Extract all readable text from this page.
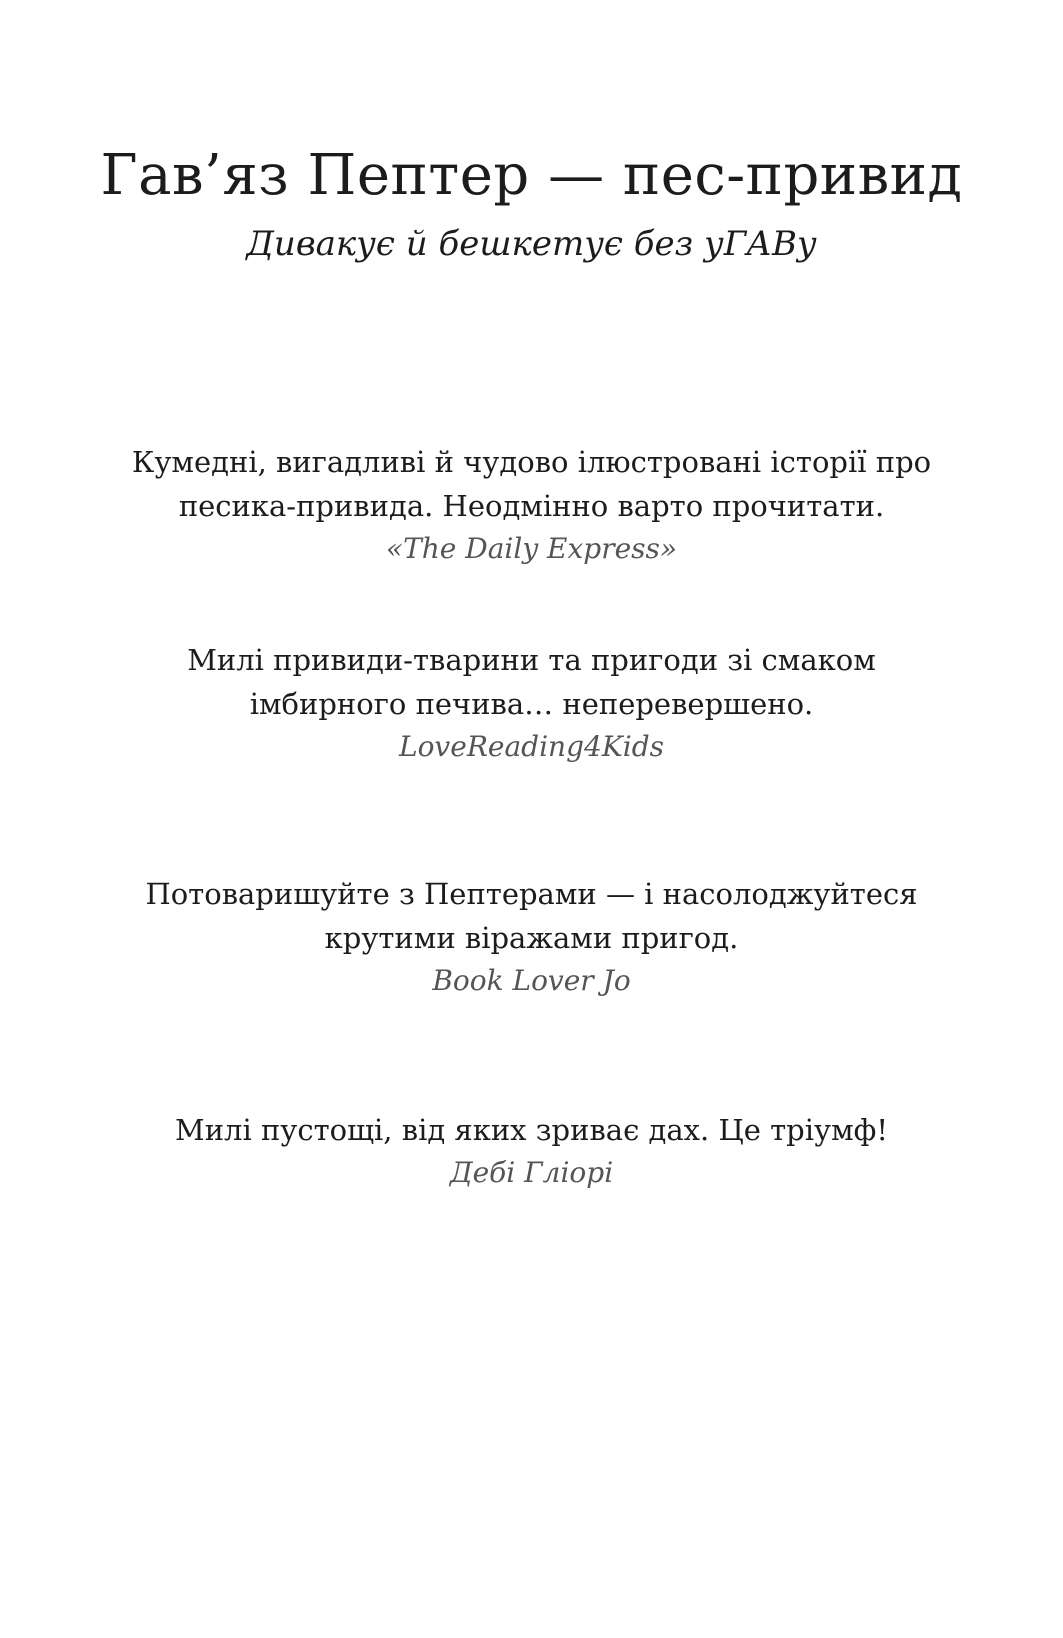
Гав’яз Пептер — пес-привид

Дивакує й бешкетує без уГАВу

Кумедні, вигадливі й чудово ілюстровані історії про

песика-привида. Неодмінно варто прочитати.

«The Daily Express»

Милі привиди-тварини та пригоди зі смаком

імбирного печива… неперевершено.

LoveReading4Kids

Потоваришуйте з Пептерами — і насолоджуйтеся

крутими віражами пригод.

Book Lover Jo

Милі пустощі, від яких зриває дах. Це тріумф!

Дебі Гліорі
